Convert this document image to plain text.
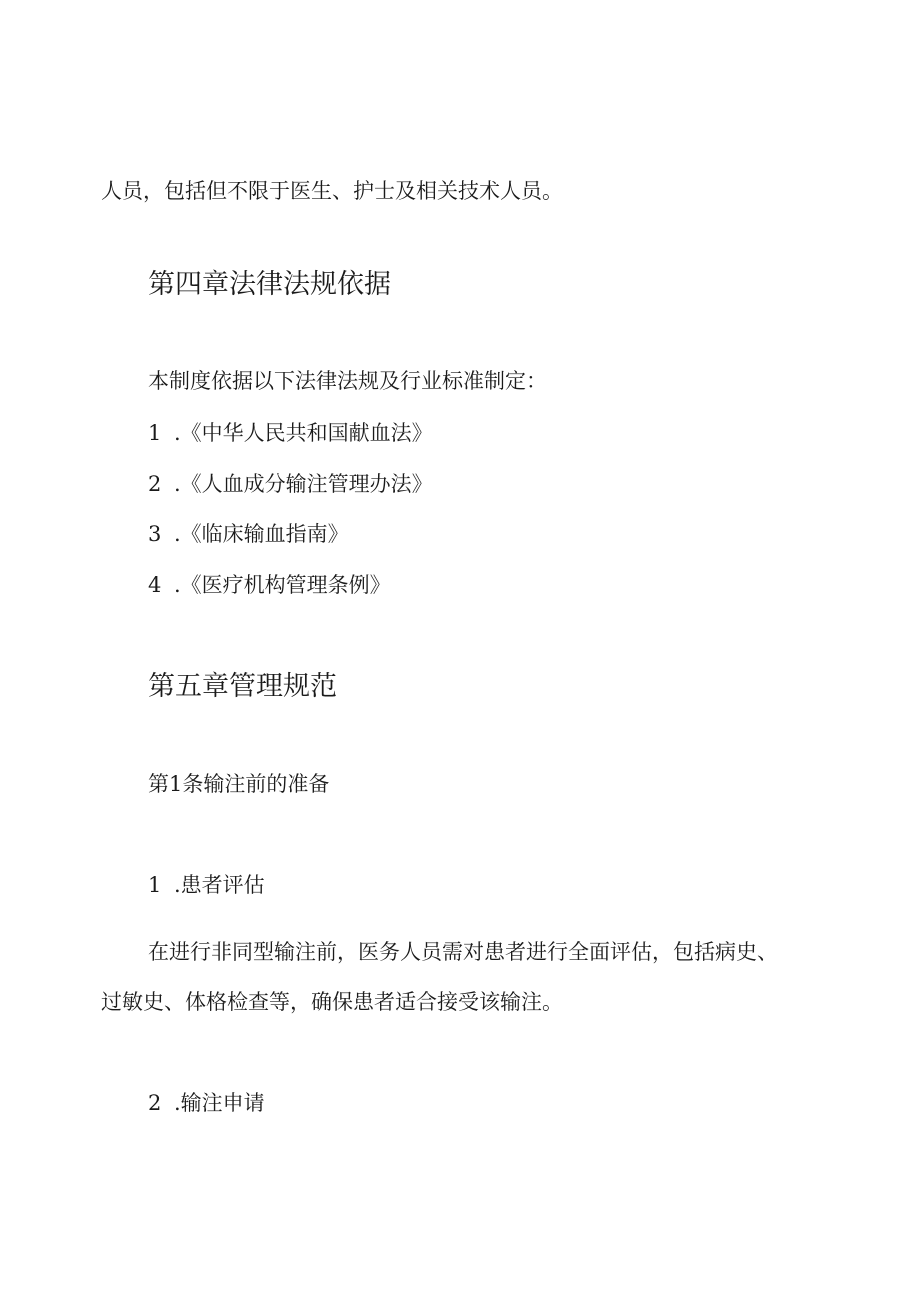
人员，包括但不限于医生、护士及相关技术人员。
第四章法律法规依据
本制度依据以下法律法规及行业标准制定：
1 .《中华人民共和国献血法》
2 .《人血成分输注管理办法》
3 .《临床输血指南》
4 .《医疗机构管理条例》
第五章管理规范
第1条输注前的准备
1 .患者评估
在进行非同型输注前，医务人员需对患者进行全面评估，包括病史、
过敏史、体格检查等，确保患者适合接受该输注。
2 .输注申请
